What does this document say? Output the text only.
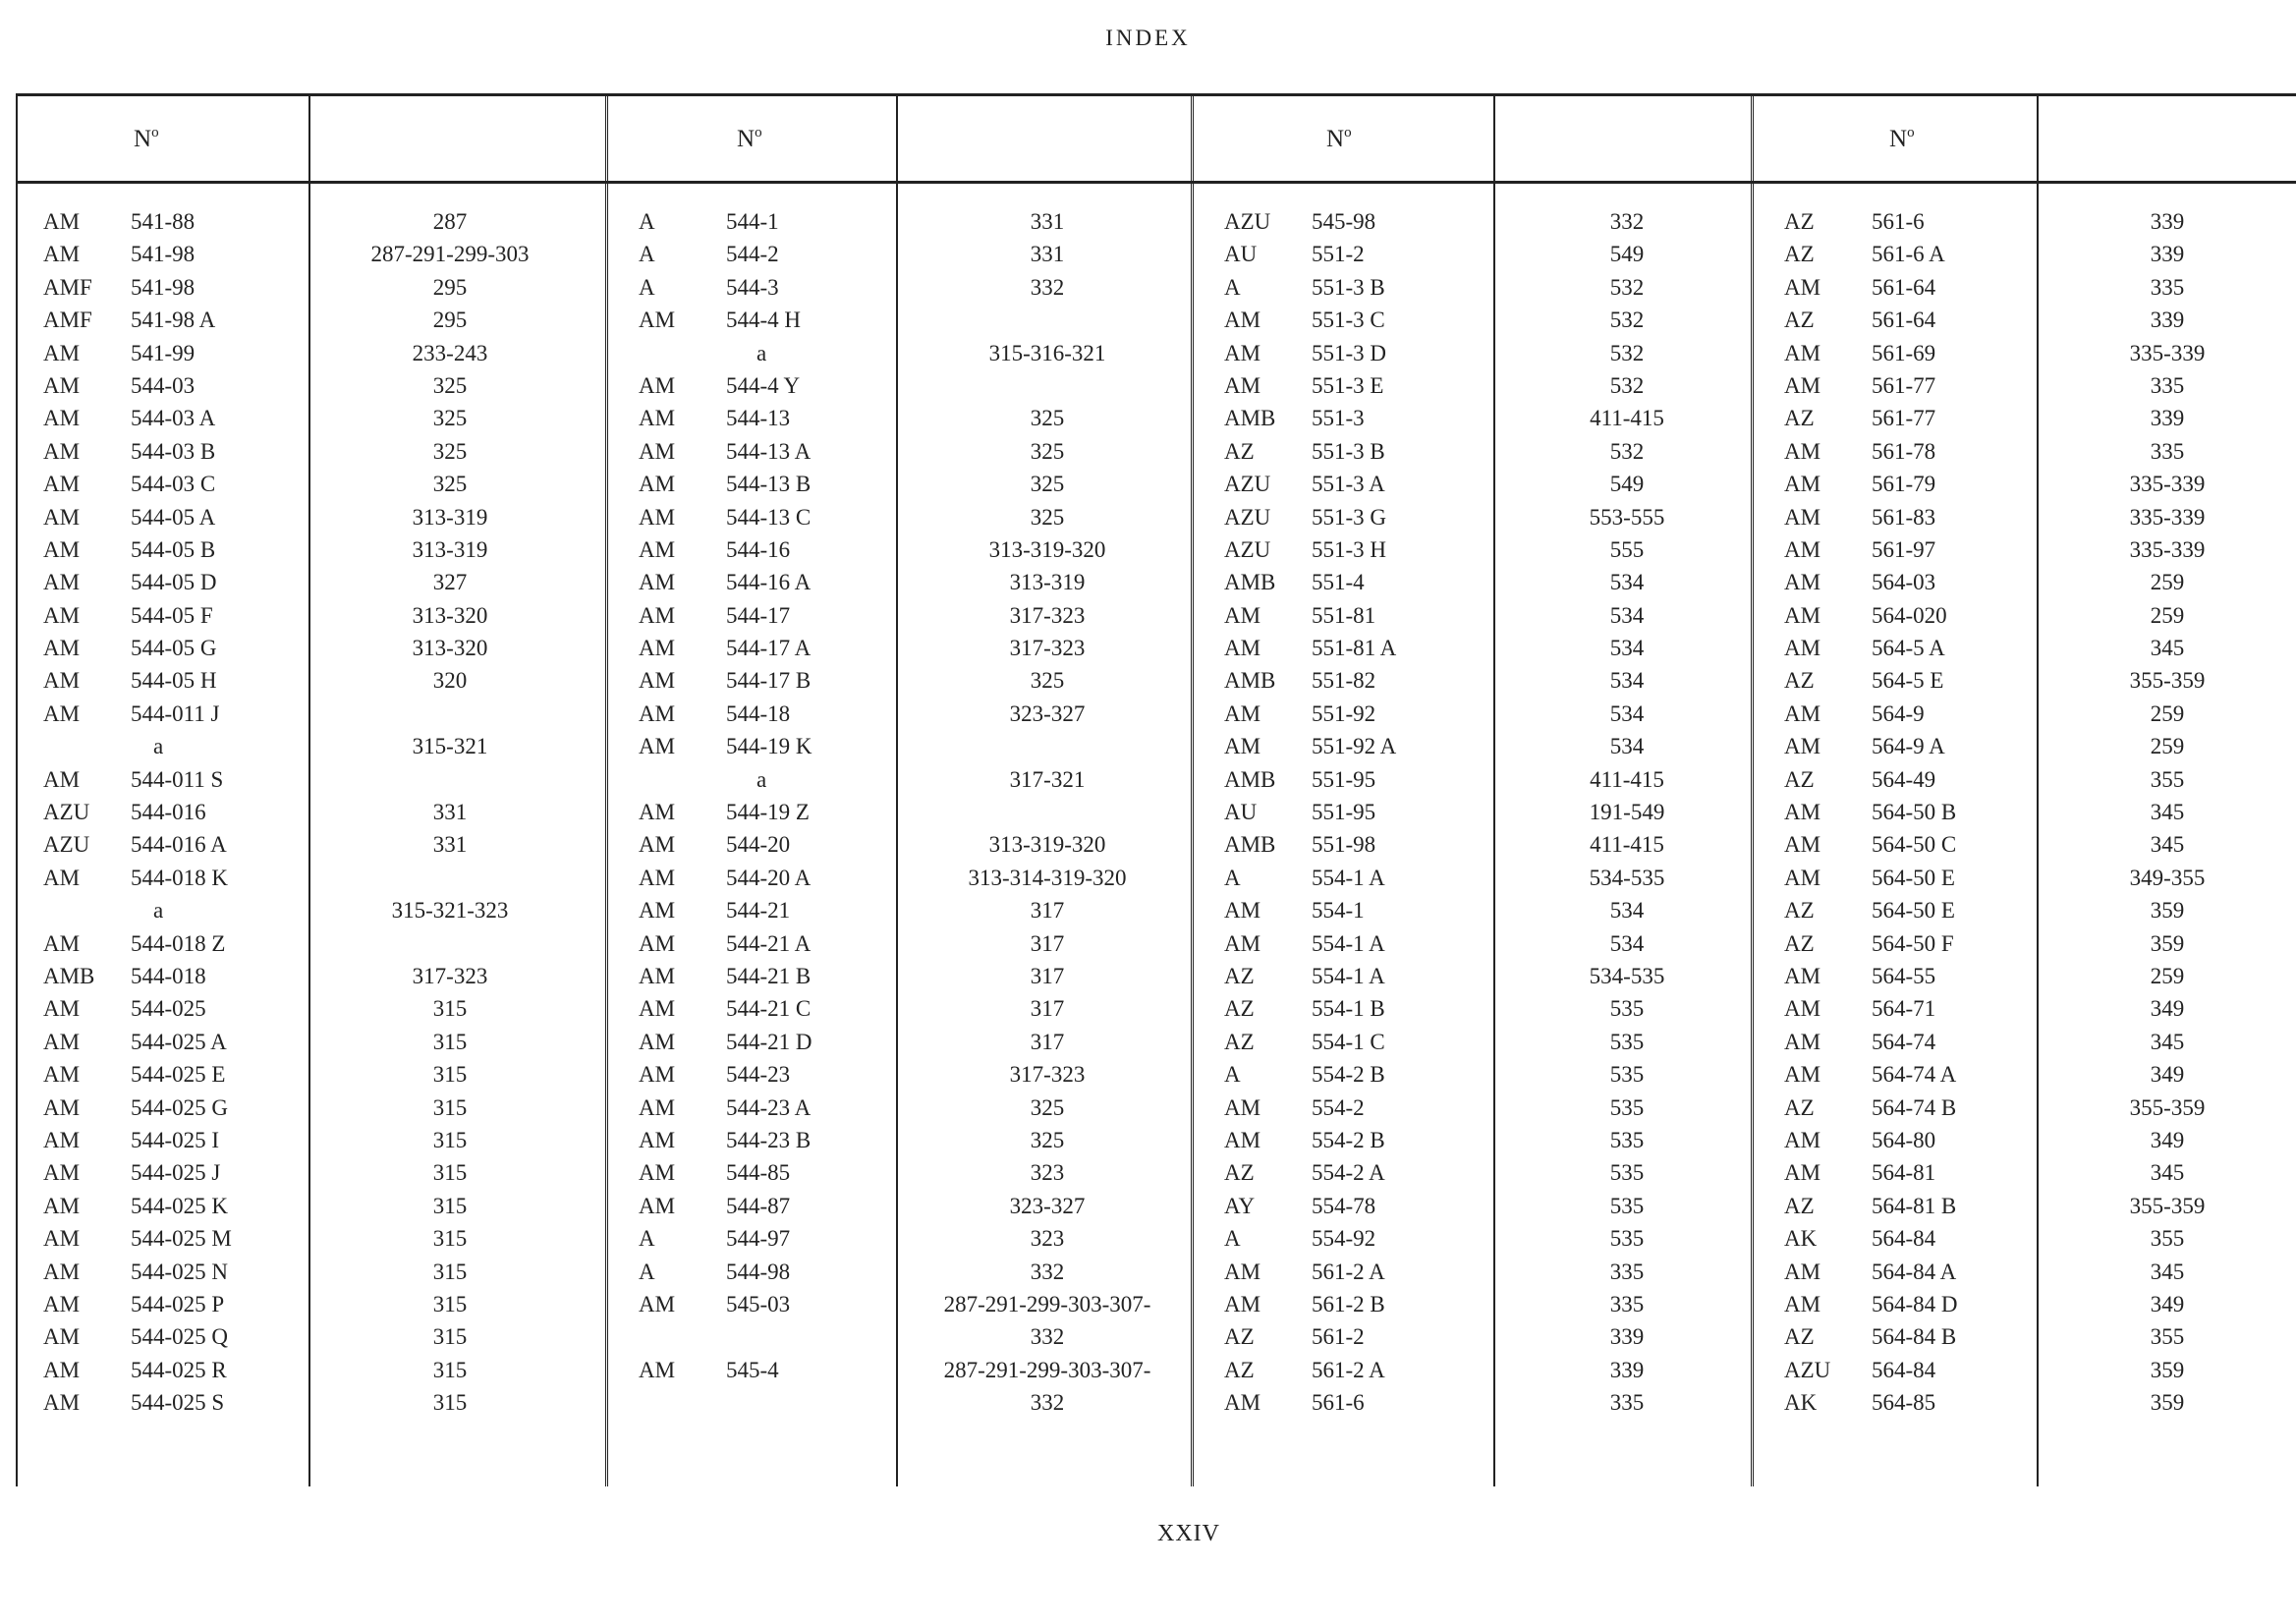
INDEX
$N^o$
AM 541-88	287
AM 541-98	287-291-299-303
AMF 541-98	295
AMF 541-98 A	295
AM 541-99	233-243
AM 544-03	325
AM 544-03 A	325
AM 544-03 B	325
AM 544-03 C	325
AM 544-05 A	313-319
AM 544-05 B	313-319
AM 544-05 D	327
AM 544-05 F	313-320
AM 544-05 G	313-320
AM 544-05 H	320
AM 544-011 J
a	315-321
AM 544-011 S
AZU 544-016	331
AZU 544-016 A	331
AM 544-018 K
a	315-321-323
AM 544-018 Z
AMB 544-018	317-323
AM 544-025	315
AM 544-025 A	315
AM 544-025 E	315
AM 544-025 G	315
AM 544-025 I	315
AM 544-025 J	315
AM 544-025 K	315
AM 544-025 M	315
AM 544-025 N	315
AM 544-025 P	315
AM 544-025 Q	315
AM 544-025 R	315
AM 544-025 S	315
$N^o$
A	544-1	331
A	544-2	331
A	544-3	332
AM 544-4 H
a	315-316-321
AM 544-4 Y
AM 544-13	325
AM 544-13 A	325
AM 544-13 B	325
AM 544-13 C	325
AM 544-16	313-319-320
AM 544-16 A	313-319
AM 544-17	317-323
AM 544-17 A	317-323
AM 544-17 B	325
AM 544-18	323-327
AM 544-19 K
a	317-321
AM 544-19 Z
AM 544-20	313-319-320
AM 544-20 A	313-314-319-320
AM 544-21	317
AM 544-21 A	317
AM 544-21 B	317
AM 544-21 C	317
AM 544-21 D	317
AM 544-23	317-323
AM 544-23 A	325
AM 544-23 B	325
AM 544-85	323
AM 544-87	323-327
A	544-97	323
A	544-98	332
AM 545-03	287-291-299-303-307-
332
AM 545-4	287-291-299-303-307-
332
$N^o$
AZU 545-98	332
AU 551-2	549
A	551-3 B	532
AM 551-3 C	532
AM 551-3 D	532
AM 551-3 E	532
AMB 551-3	411-415
AZ	551-3 B	532
AZU 551-3 A	549
AZU 551-3 G	553-555
AZU 551-3 H	555
AMB 551-4	534
AM 551-81	534
AM 551-81 A	534
AMB 551-82	534
AM 551-92	534
AM 551-92 A	534
AMB 551-95	411-415
AU 551-95	191-549
AMB 551-98	411-415
A	554-1 A	534-535
AM 554-1	534
AM 554-1 A	534
AZ	554-1 A	534-535
AZ	554-1 B	535
AZ	554-1 C	535
A	554-2 B	535
AM 554-2	535
AM 554-2 B	535
AZ	554-2 A	535
AY	554-78	535
A	554-92	535
AM 561-2 A	335
AM 561-2 B	335
AZ	561-2	339
AZ	561-2 A	339
AM 561-6	335
$N^o$
AZ	561-6	339
AZ	561-6 A	339
AM 561-64	335
AZ	561-64	339
AM 561-69	335-339
AM 561-77	335
AZ	561-77	339
AM 561-78	335
AM 561-79	335-339
AM 561-83	335-339
AM 561-97	335-339
AM 564-03	259
AM 564-020	259
AM 564-5 A	345
AZ	564-5 E	355-359
AM 564-9	259
AM 564-9 A	259
AZ	564-49	355
AM 564-50 B	345
AM 564-50 C	345
AM 564-50 E	349-355
AZ	564-50 E	359
AZ	564-50 F	359
AM 564-55	259
AM 564-71	349
AM 564-74	345
AM 564-74 A	349
AZ	564-74 B	355-359
AM 564-80	349
AM 564-81	345
AZ	564-81 B	355-359
AK 564-84	355
AM 564-84 A	345
AM 564-84 D	349
AZ	564-84 B	355
AZU 564-84	359
AK 564-85	359
XXIV
